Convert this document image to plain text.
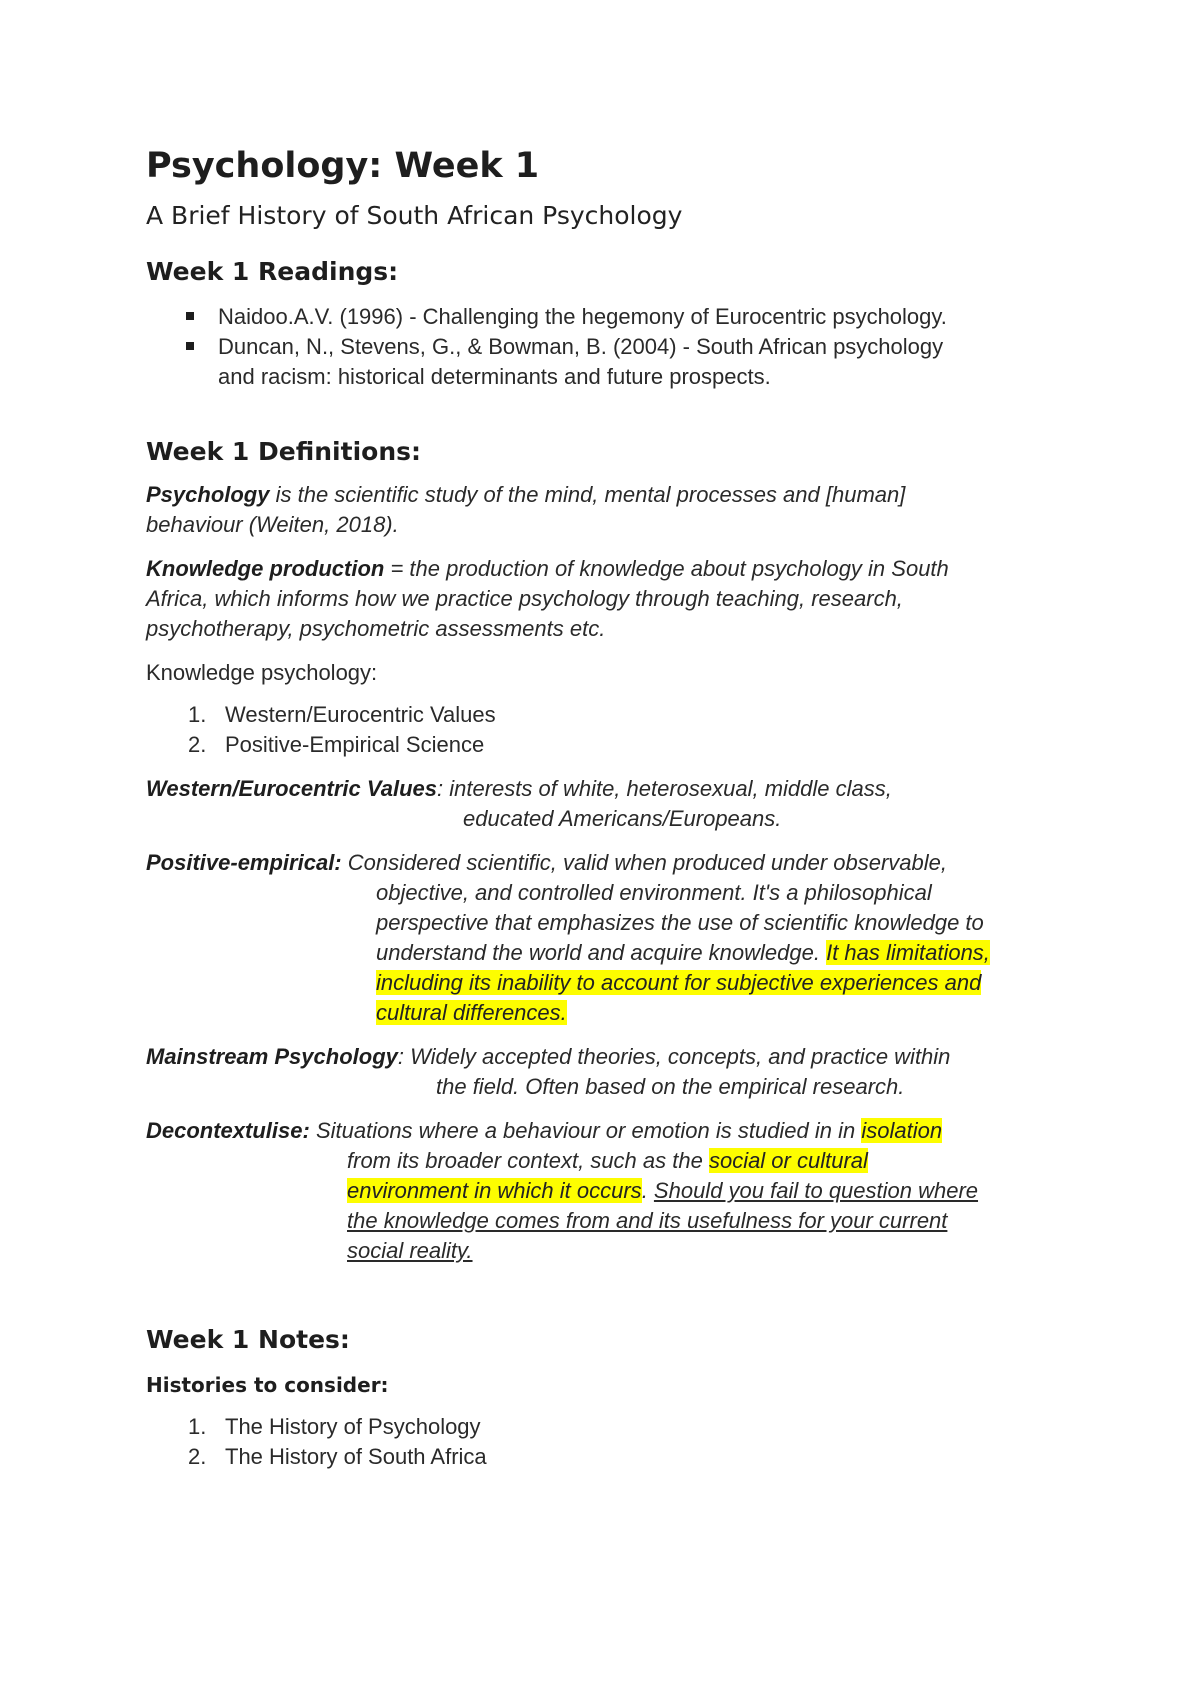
Psychology: Week 1
A Brief History of South African Psychology
Week 1 Readings:
Naidoo.A.V. (1996) - Challenging the hegemony of Eurocentric psychology.
Duncan, N., Stevens, G., & Bowman, B. (2004) - South African psychology
and racism: historical determinants and future prospects.
Week 1 Definitions:

Psychology is the scientific study of the mind, mental processes and [human]
behaviour (Weiten, 2018).

Knowledge production = the production of knowledge about psychology in South
Africa, which informs how we practice psychology through teaching, research,
psychotherapy, psychometric assessments etc.

Knowledge psychology:

1. Western/Eurocentric Values
2. Positive-Empirical Science

Western/Eurocentric Values: interests of white, heterosexual, middle class,
educated Americans/Europeans.

Positive-empirical: Considered scientific, valid when produced under observable,
objective, and controlled environment. It's a philosophical
perspective that emphasizes the use of scientific knowledge to
understand the world and acquire knowledge. It has limitations,
including its inability to account for subjective experiences and
cultural differences.

Mainstream Psychology: Widely accepted theories, concepts, and practice within
the field. Often based on the empirical research.

Decontextulise: Situations where a behaviour or emotion is studied in in isolation
from its broader context, such as the social or cultural
environment in which it occurs. Should you fail to question where
the knowledge comes from and its usefulness for your current
social reality.

Week 1 Notes:
Histories to consider:
1. The History of Psychology
2. The History of South Africa
